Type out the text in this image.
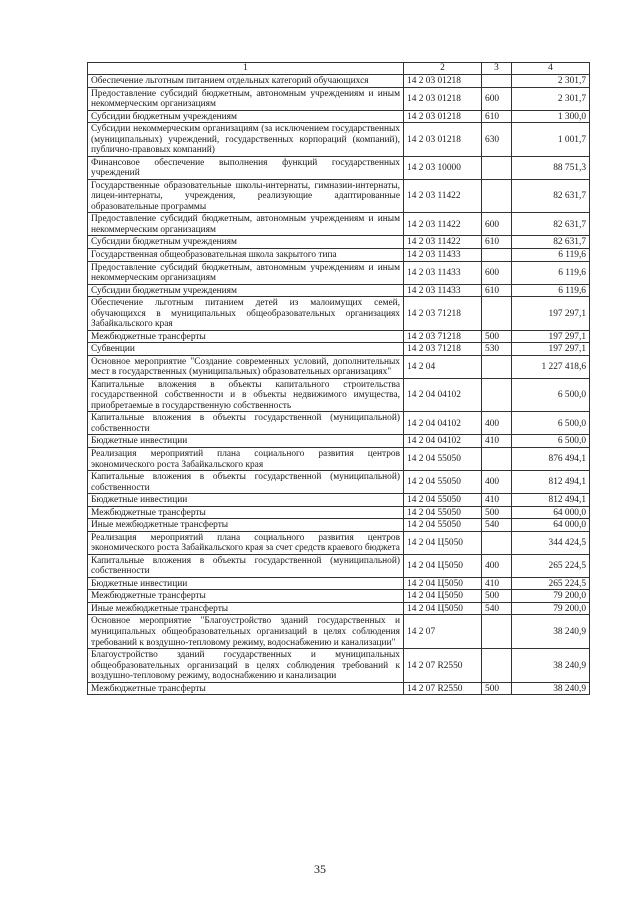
1	2	3	4
Обеспечение льготным питанием отдельных категорий обучающихся	14 2 03 01218		2 301,7
Предоставление субсидий бюджетным, автономным учреждениям и иным некоммерческим организациям	14 2 03 01218	600	2 301,7
Субсидии бюджетным учреждениям	14 2 03 01218	610	1 300,0
Субсидии некоммерческим организациям (за исключением государственных (муниципальных) учреждений, государственных корпораций (компаний), публично-правовых компаний)	14 2 03 01218	630	1 001,7
Финансовое обеспечение выполнения функций государственных учреждений	14 2 03 10000		88 751,3
Государственные образовательные школы-интернаты, гимназии-интернаты, лицеи-интернаты, учреждения, реализующие адаптированные образовательные программы	14 2 03 11422		82 631,7
Предоставление субсидий бюджетным, автономным учреждениям и иным некоммерческим организациям	14 2 03 11422	600	82 631,7
Субсидии бюджетным учреждениям	14 2 03 11422	610	82 631,7
Государственная общеобразовательная школа закрытого типа	14 2 03 11433		6 119,6
Предоставление субсидий бюджетным, автономным учреждениям и иным некоммерческим организациям	14 2 03 11433	600	6 119,6
Субсидии бюджетным учреждениям	14 2 03 11433	610	6 119,6
Обеспечение льготным питанием детей из малоимущих семей, обучающихся в муниципальных общеобразовательных организациях Забайкальского края	14 2 03 71218		197 297,1
Межбюджетные трансферты	14 2 03 71218	500	197 297,1
Субвенции	14 2 03 71218	530	197 297,1
Основное мероприятие "Создание современных условий, дополнительных мест в государственных (муниципальных) образовательных организациях"	14 2 04		1 227 418,6
Капитальные вложения в объекты капитального строительства государственной собственности и в объекты недвижимого имущества, приобретаемые в государственную собственность	14 2 04 04102		6 500,0
Капитальные вложения в объекты государственной (муниципальной) собственности	14 2 04 04102	400	6 500,0
Бюджетные инвестиции	14 2 04 04102	410	6 500,0
Реализация мероприятий плана социального развития центров экономического роста Забайкальского края	14 2 04 55050		876 494,1
Капитальные вложения в объекты государственной (муниципальной) собственности	14 2 04 55050	400	812 494,1
Бюджетные инвестиции	14 2 04 55050	410	812 494,1
Межбюджетные трансферты	14 2 04 55050	500	64 000,0
Иные межбюджетные трансферты	14 2 04 55050	540	64 000,0
Реализация мероприятий плана социального развития центров экономического роста Забайкальского края за счет средств краевого бюджета	14 2 04 Ц5050		344 424,5
Капитальные вложения в объекты государственной (муниципальной) собственности	14 2 04 Ц5050	400	265 224,5
Бюджетные инвестиции	14 2 04 Ц5050	410	265 224,5
Межбюджетные трансферты	14 2 04 Ц5050	500	79 200,0
Иные межбюджетные трансферты	14 2 04 Ц5050	540	79 200,0
Основное мероприятие "Благоустройство зданий государственных и муниципальных общеобразовательных организаций в целях соблюдения требований к воздушно-тепловому режиму, водоснабжению и канализации"	14 2 07		38 240,9
Благоустройство зданий государственных и муниципальных общеобразовательных организаций в целях соблюдения требований к воздушно-тепловому режиму, водоснабжению и канализации	14 2 07 R2550		38 240,9
Межбюджетные трансферты	14 2 07 R2550	500	38 240,9
35
